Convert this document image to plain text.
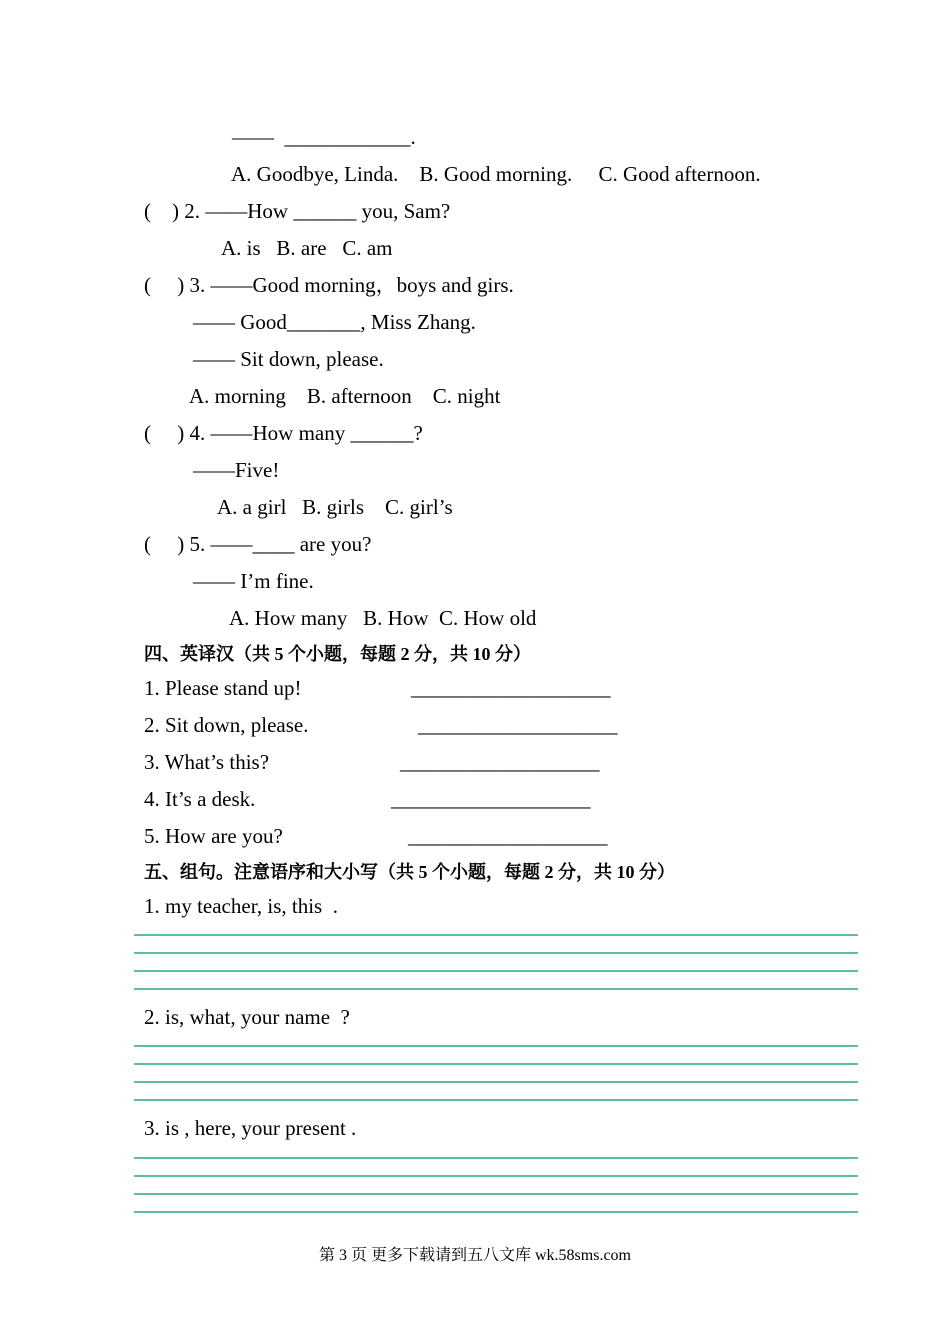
——  ____________.
A. Goodbye, Linda.    B. Good morning.     C. Good afternoon.
(    ) 2. ——How ______ you, Sam?
A. is   B. are   C. am
(     ) 3. ——Good morning，boys and girs.
—— Good_______, Miss Zhang.
—— Sit down, please.
A. morning    B. afternoon    C. night
(     ) 4. ——How many ______?
——Five!
A. a girl   B. girls    C. girl’s
(     ) 5. ——____ are you?
—— I’m fine.
A. How many   B. How  C. How old
四、英译汉（共 5 个小题，每题 2 分，共 10 分）
1. Please stand up!	___________________
2. Sit down, please.	___________________
3. What’s this?	___________________
4. It’s a desk.	___________________
5. How are you?	___________________
五、组句。注意语序和大小写（共 5 个小题，每题 2 分，共 10 分）
1. my teacher, is, this  .
2. is, what, your name  ?
3. is , here, your present .
第 3 页 更多下载请到五八文库 wk.58sms.com
